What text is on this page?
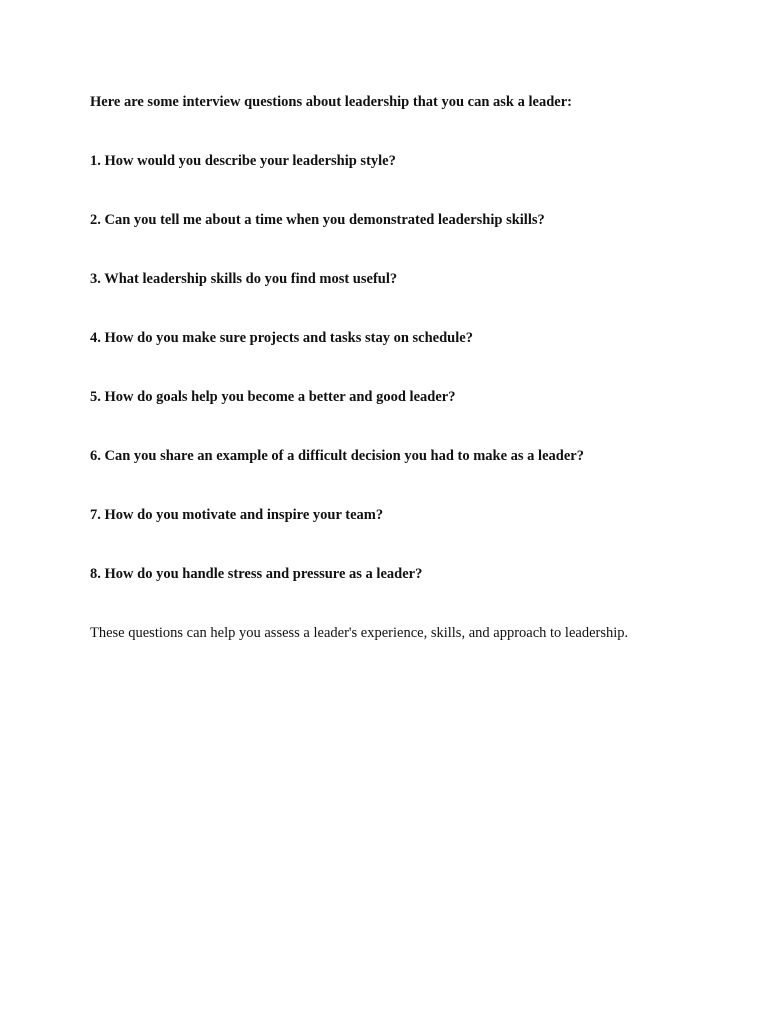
Here are some interview questions about leadership that you can ask a leader:

1. How would you describe your leadership style?

2. Can you tell me about a time when you demonstrated leadership skills?

3. What leadership skills do you find most useful?

4. How do you make sure projects and tasks stay on schedule?

5. How do goals help you become a better and good leader?

6. Can you share an example of a difficult decision you had to make as a leader?

7. How do you motivate and inspire your team?

8. How do you handle stress and pressure as a leader?

These questions can help you assess a leader's experience, skills, and approach to leadership.
